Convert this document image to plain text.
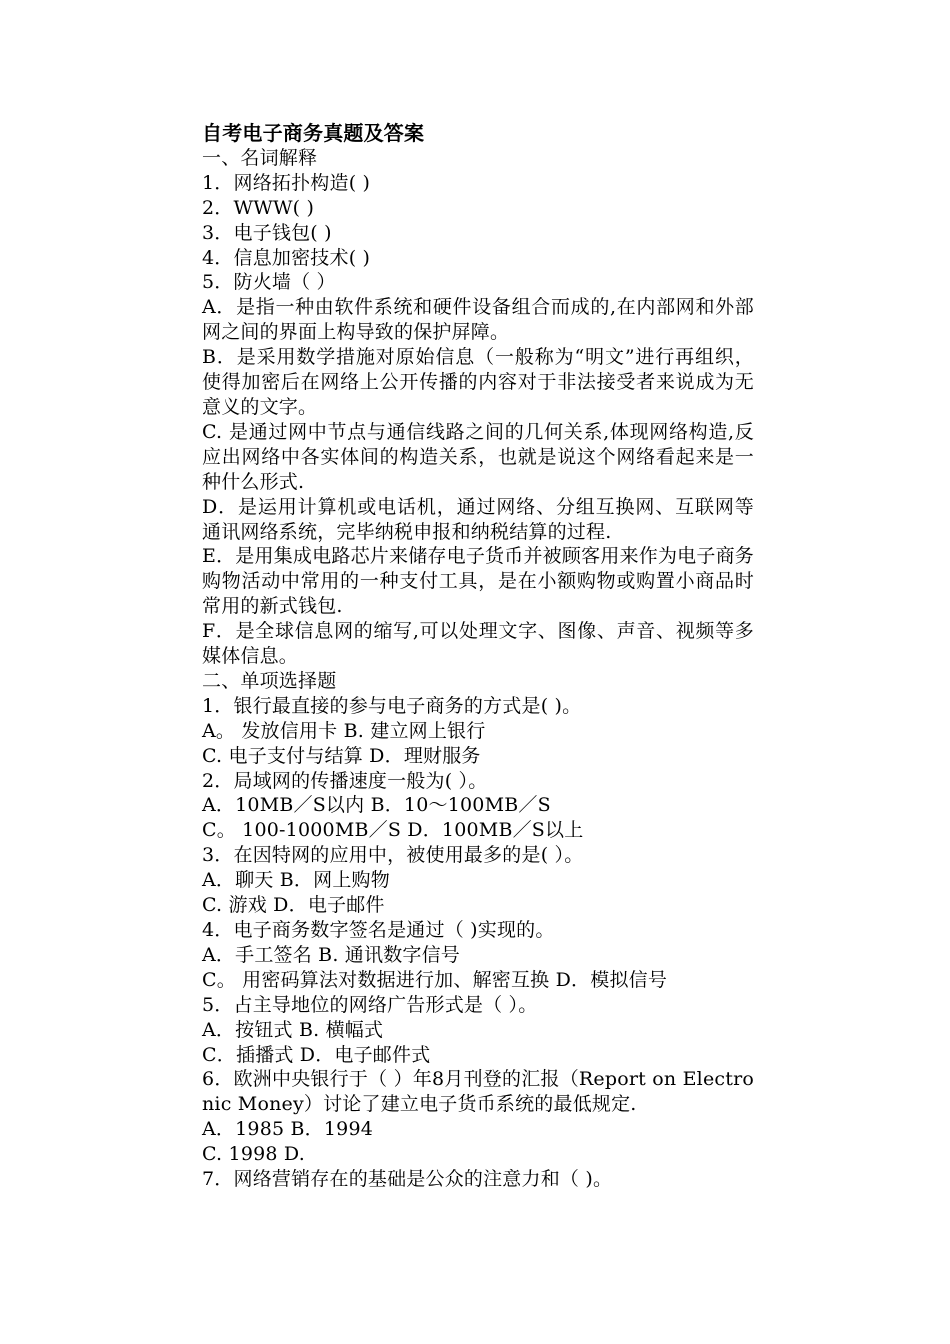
自考电子商务真题及答案

一、名词解释

1．网络拓扑构造( )

2．WWW( )

3．电子钱包( )

4．信息加密技术( )

5．防火墙（ ）

A．是指一种由软件系统和硬件设备组合而成的,在内部网和外部网之间的界面上构导致的保护屏障。

B．是采用数学措施对原始信息（一般称为“明文”进行再组织，使得加密后在网络上公开传播的内容对于非法接受者来说成为无意义的文字。

C. 是通过网中节点与通信线路之间的几何关系,体现网络构造,反应出网络中各实体间的构造关系，也就是说这个网络看起来是一种什么形式.

D．是运用计算机或电话机，通过网络、分组互换网、互联网等通讯网络系统，完毕纳税申报和纳税结算的过程.

E．是用集成电路芯片来储存电子货币并被顾客用来作为电子商务购物活动中常用的一种支付工具，是在小额购物或购置小商品时常用的新式钱包.

F．是全球信息网的缩写,可以处理文字、图像、声音、视频等多媒体信息。

二、单项选择题

1．银行最直接的参与电子商务的方式是( )。

A。 发放信用卡 B. 建立网上银行

C. 电子支付与结算 D．理财服务

2．局域网的传播速度一般为( ）。

A．10MB／S以内 B．10～100MB／S

C。 100-1000MB／S D．100MB／S以上

3．在因特网的应用中，被使用最多的是( ）。

A．聊天 B．网上购物

C. 游戏 D．电子邮件

4．电子商务数字签名是通过（ )实现的。

A．手工签名 B. 通讯数字信号

C。 用密码算法对数据进行加、解密互换 D．模拟信号

5．占主导地位的网络广告形式是（ ）。

A．按钮式 B. 横幅式

C．插播式 D．电子邮件式

6．欧洲中央银行于（ ）年8月刊登的汇报（Report on Electronic Money）讨论了建立电子货币系统的最低规定.

A．1985 B．1994

C. 1998 D.

7．网络营销存在的基础是公众的注意力和（ )。
